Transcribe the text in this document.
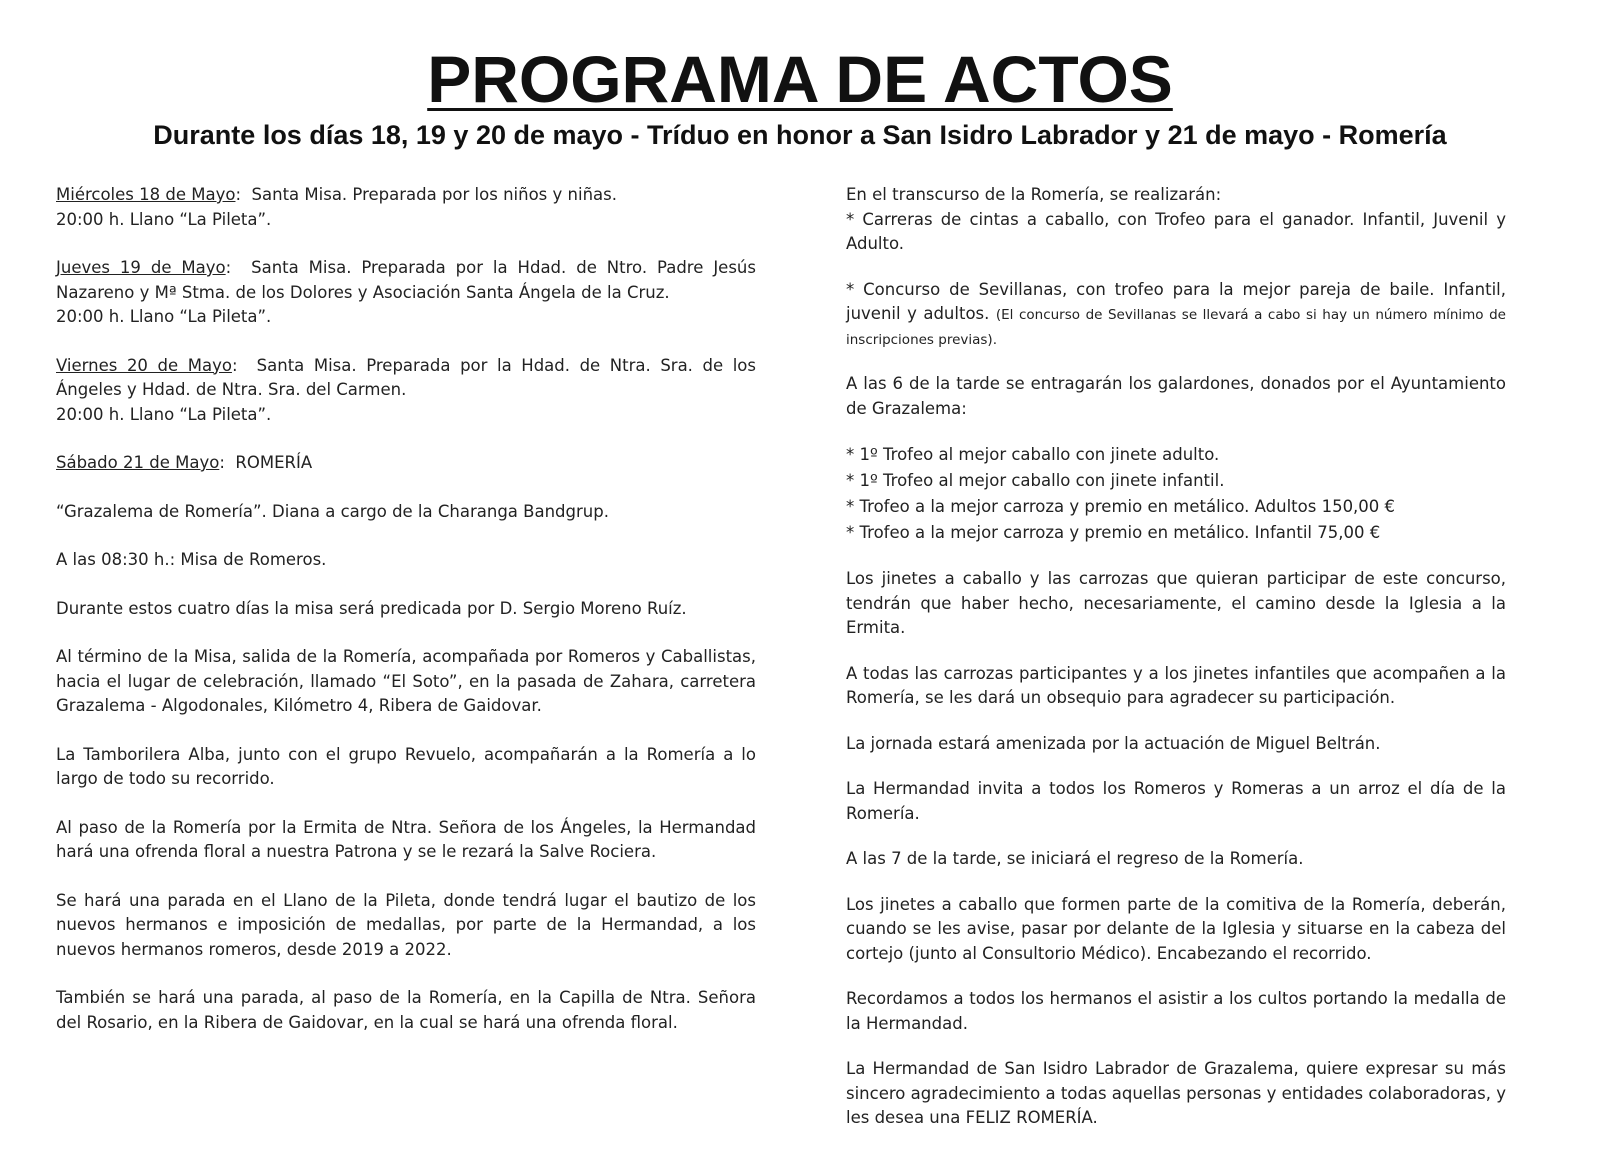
PROGRAMA DE ACTOS
Durante los días 18, 19 y 20 de mayo - Tríduo en honor a San Isidro Labrador y 21 de mayo - Romería

Miércoles 18 de Mayo:  Santa Misa. Preparada por los niños y niñas.
20:00 h. Llano “La Pileta”.

Jueves 19 de Mayo:  Santa Misa. Preparada por la Hdad. de Ntro. Padre Jesús Nazareno y Mª Stma. de los Dolores y Asociación Santa Ángela de la Cruz.
20:00 h. Llano “La Pileta”.

Viernes 20 de Mayo:  Santa Misa. Preparada por la Hdad. de Ntra. Sra. de los Ángeles y Hdad. de Ntra. Sra. del Carmen.
20:00 h. Llano “La Pileta”.

Sábado 21 de Mayo:  ROMERÍA

“Grazalema de Romería”. Diana a cargo de la Charanga Bandgrup.

A las 08:30 h.: Misa de Romeros.

Durante estos cuatro días la misa será predicada por D. Sergio Moreno Ruíz.

Al término de la Misa, salida de la Romería, acompañada por Romeros y Caballistas, hacia el lugar de celebración, llamado “El Soto”, en la pasada de Zahara, carretera Grazalema - Algodonales, Kilómetro 4, Ribera de Gaidovar.

La Tamborilera Alba, junto con el grupo Revuelo, acompañarán a la Romería a lo largo de todo su recorrido.

Al paso de la Romería por la Ermita de Ntra. Señora de los Ángeles, la Hermandad hará una ofrenda floral a nuestra Patrona y se le rezará la Salve Rociera.

Se hará una parada en el Llano de la Pileta, donde tendrá lugar el bautizo de los nuevos hermanos e imposición de medallas, por parte de la Hermandad, a los nuevos hermanos romeros, desde 2019 a 2022.

También se hará una parada, al paso de la Romería, en la Capilla de Ntra. Señora del Rosario, en la Ribera de Gaidovar, en la cual se hará una ofrenda floral.

En el transcurso de la Romería, se realizarán:
* Carreras de cintas a caballo, con Trofeo para el ganador. Infantil, Juvenil y Adulto.

* Concurso de Sevillanas, con trofeo para la mejor pareja de baile. Infantil, juvenil y adultos. (El concurso de Sevillanas se llevará a cabo si hay un número mínimo de inscripciones previas).

A las 6 de la tarde se entragarán los galardones, donados por el Ayuntamiento de Grazalema:

* 1º Trofeo al mejor caballo con jinete adulto.
* 1º Trofeo al mejor caballo con jinete infantil.
* Trofeo a la mejor carroza y premio en metálico. Adultos 150,00 €
* Trofeo a la mejor carroza y premio en metálico. Infantil 75,00 €

Los jinetes a caballo y las carrozas que quieran participar de este concurso, tendrán que haber hecho, necesariamente, el camino desde la Iglesia a la Ermita.

A todas las carrozas participantes y a los jinetes infantiles que acompañen a la Romería, se les dará un obsequio para agradecer su participación.

La jornada estará amenizada por la actuación de Miguel Beltrán.

La Hermandad invita a todos los Romeros y Romeras a un arroz el día de la Romería.

A las 7 de la tarde, se iniciará el regreso de la Romería.

Los jinetes a caballo que formen parte de la comitiva de la Romería, deberán, cuando se les avise, pasar por delante de la Iglesia y situarse en la cabeza del cortejo (junto al Consultorio Médico). Encabezando el recorrido.

Recordamos a todos los hermanos el asistir a los cultos portando la medalla de la Hermandad.

La Hermandad de San Isidro Labrador de Grazalema, quiere expresar su más sincero agradecimiento a todas aquellas personas y entidades colaboradoras, y les desea una FELIZ ROMERÍA.
